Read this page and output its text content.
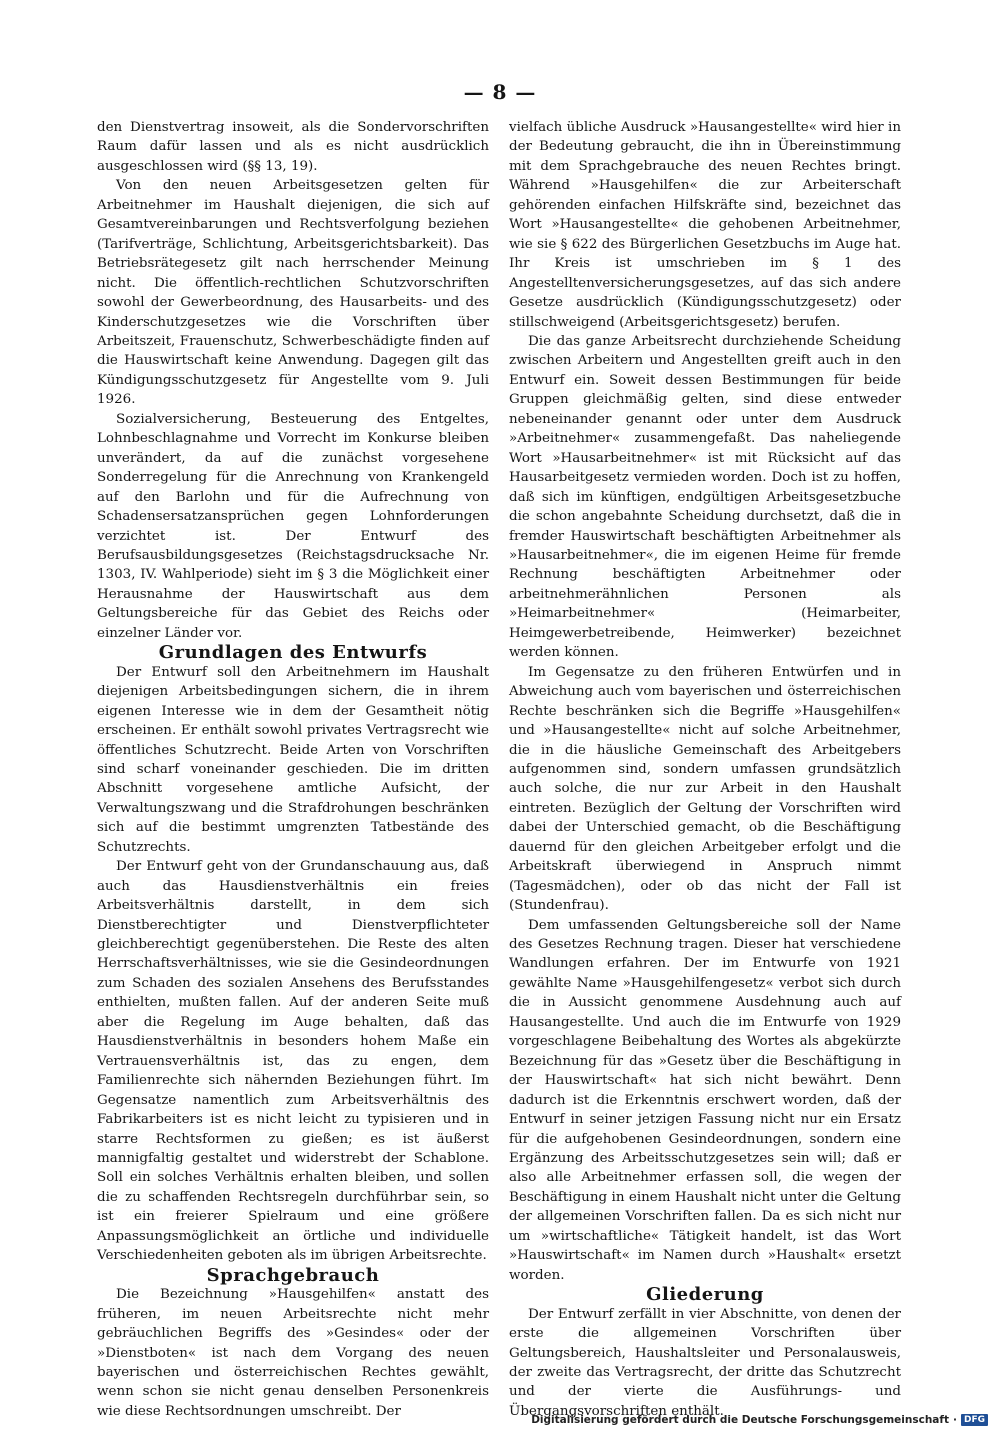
— 8 —

den Dienstvertrag insoweit, als die Sondervorschriften Raum dafür lassen und als es nicht ausdrücklich ausgeschlossen wird (§§ 13, 19).

Von den neuen Arbeitsgesetzen gelten für Arbeitnehmer im Haushalt diejenigen, die sich auf Gesamtvereinbarungen und Rechtsverfolgung beziehen (Tarifverträge, Schlichtung, Arbeitsgerichtsbarkeit). Das Betriebsrätegesetz gilt nach herrschender Meinung nicht. Die öffentlich-rechtlichen Schutzvorschriften sowohl der Gewerbeordnung, des Hausarbeits- und des Kinderschutzgesetzes wie die Vorschriften über Arbeitszeit, Frauenschutz, Schwerbeschädigte finden auf die Hauswirtschaft keine Anwendung. Dagegen gilt das Kündigungsschutzgesetz für Angestellte vom 9. Juli 1926.

Sozialversicherung, Besteuerung des Entgeltes, Lohnbeschlagnahme und Vorrecht im Konkurse bleiben unverändert, da auf die zunächst vorgesehene Sonderregelung für die Anrechnung von Krankengeld auf den Barlohn und für die Aufrechnung von Schadensersatzansprüchen gegen Lohnforderungen verzichtet ist. Der Entwurf des Berufsausbildungsgesetzes (Reichstagsdrucksache Nr. 1303, IV. Wahlperiode) sieht im § 3 die Möglichkeit einer Herausnahme der Hauswirtschaft aus dem Geltungsbereiche für das Gebiet des Reichs oder einzelner Länder vor.

Grundlagen des Entwurfs

Der Entwurf soll den Arbeitnehmern im Haushalt diejenigen Arbeitsbedingungen sichern, die in ihrem eigenen Interesse wie in dem der Gesamtheit nötig erscheinen. Er enthält sowohl privates Vertragsrecht wie öffentliches Schutzrecht. Beide Arten von Vorschriften sind scharf voneinander geschieden. Die im dritten Abschnitt vorgesehene amtliche Aufsicht, der Verwaltungszwang und die Strafdrohungen beschränken sich auf die bestimmt umgrenzten Tatbestände des Schutzrechts.

Der Entwurf geht von der Grundanschauung aus, daß auch das Hausdienstverhältnis ein freies Arbeitsverhältnis darstellt, in dem sich Dienstberechtigter und Dienstverpflichteter gleichberechtigt gegenüberstehen. Die Reste des alten Herrschaftsverhältnisses, wie sie die Gesindeordnungen zum Schaden des sozialen Ansehens des Berufsstandes enthielten, mußten fallen. Auf der anderen Seite muß aber die Regelung im Auge behalten, daß das Hausdienstverhältnis in besonders hohem Maße ein Vertrauensverhältnis ist, das zu engen, dem Familienrechte sich nähernden Beziehungen führt. Im Gegensatze namentlich zum Arbeitsverhältnis des Fabrikarbeiters ist es nicht leicht zu typisieren und in starre Rechtsformen zu gießen; es ist äußerst mannigfaltig gestaltet und widerstrebt der Schablone. Soll ein solches Verhältnis erhalten bleiben, und sollen die zu schaffenden Rechtsregeln durchführbar sein, so ist ein freierer Spielraum und eine größere Anpassungsmöglichkeit an örtliche und individuelle Verschiedenheiten geboten als im übrigen Arbeitsrechte.

Sprachgebrauch

Die Bezeichnung »Hausgehilfen« anstatt des früheren, im neuen Arbeitsrechte nicht mehr gebräuchlichen Begriffs des »Gesindes« oder der »Dienstboten« ist nach dem Vorgang des neuen bayerischen und österreichischen Rechtes gewählt, wenn schon sie nicht genau denselben Personenkreis wie diese Rechtsordnungen umschreibt. Der

vielfach übliche Ausdruck »Hausangestellte« wird hier in der Bedeutung gebraucht, die ihn in Übereinstimmung mit dem Sprachgebrauche des neuen Rechtes bringt. Während »Hausgehilfen« die zur Arbeiterschaft gehörenden einfachen Hilfskräfte sind, bezeichnet das Wort »Hausangestellte« die gehobenen Arbeitnehmer, wie sie § 622 des Bürgerlichen Gesetzbuchs im Auge hat. Ihr Kreis ist umschrieben im § 1 des Angestelltenversicherungsgesetzes, auf das sich andere Gesetze ausdrücklich (Kündigungsschutzgesetz) oder stillschweigend (Arbeitsgerichtsgesetz) berufen.

Die das ganze Arbeitsrecht durchziehende Scheidung zwischen Arbeitern und Angestellten greift auch in den Entwurf ein. Soweit dessen Bestimmungen für beide Gruppen gleichmäßig gelten, sind diese entweder nebeneinander genannt oder unter dem Ausdruck »Arbeitnehmer« zusammengefaßt. Das naheliegende Wort »Hausarbeitnehmer« ist mit Rücksicht auf das Hausarbeitgesetz vermieden worden. Doch ist zu hoffen, daß sich im künftigen, endgültigen Arbeitsgesetzbuche die schon angebahnte Scheidung durchsetzt, daß die in fremder Hauswirtschaft beschäftigten Arbeitnehmer als »Hausarbeitnehmer«, die im eigenen Heime für fremde Rechnung beschäftigten Arbeitnehmer oder arbeitnehmerähnlichen Personen als »Heimarbeitnehmer« (Heimarbeiter, Heimgewerbetreibende, Heimwerker) bezeichnet werden können.

Im Gegensatze zu den früheren Entwürfen und in Abweichung auch vom bayerischen und österreichischen Rechte beschränken sich die Begriffe »Hausgehilfen« und »Hausangestellte« nicht auf solche Arbeitnehmer, die in die häusliche Gemeinschaft des Arbeitgebers aufgenommen sind, sondern umfassen grundsätzlich auch solche, die nur zur Arbeit in den Haushalt eintreten. Bezüglich der Geltung der Vorschriften wird dabei der Unterschied gemacht, ob die Beschäftigung dauernd für den gleichen Arbeitgeber erfolgt und die Arbeitskraft überwiegend in Anspruch nimmt (Tagesmädchen), oder ob das nicht der Fall ist (Stundenfrau).

Dem umfassenden Geltungsbereiche soll der Name des Gesetzes Rechnung tragen. Dieser hat verschiedene Wandlungen erfahren. Der im Entwurfe von 1921 gewählte Name »Hausgehilfengesetz« verbot sich durch die in Aussicht genommene Ausdehnung auch auf Hausangestellte. Und auch die im Entwurfe von 1929 vorgeschlagene Beibehaltung des Wortes als abgekürzte Bezeichnung für das »Gesetz über die Beschäftigung in der Hauswirtschaft« hat sich nicht bewährt. Denn dadurch ist die Erkenntnis erschwert worden, daß der Entwurf in seiner jetzigen Fassung nicht nur ein Ersatz für die aufgehobenen Gesindeordnungen, sondern eine Ergänzung des Arbeitsschutzgesetzes sein will; daß er also alle Arbeitnehmer erfassen soll, die wegen der Beschäftigung in einem Haushalt nicht unter die Geltung der allgemeinen Vorschriften fallen. Da es sich nicht nur um »wirtschaftliche« Tätigkeit handelt, ist das Wort »Hauswirtschaft« im Namen durch »Haushalt« ersetzt worden.

Gliederung

Der Entwurf zerfällt in vier Abschnitte, von denen der erste die allgemeinen Vorschriften über Geltungsbereich, Haushaltsleiter und Personalausweis, der zweite das Vertragsrecht, der dritte das Schutzrecht und der vierte die Ausführungs- und Übergangsvorschriften enthält.

Digitalisierung gefördert durch die Deutsche Forschungsgemeinschaft · DFG
